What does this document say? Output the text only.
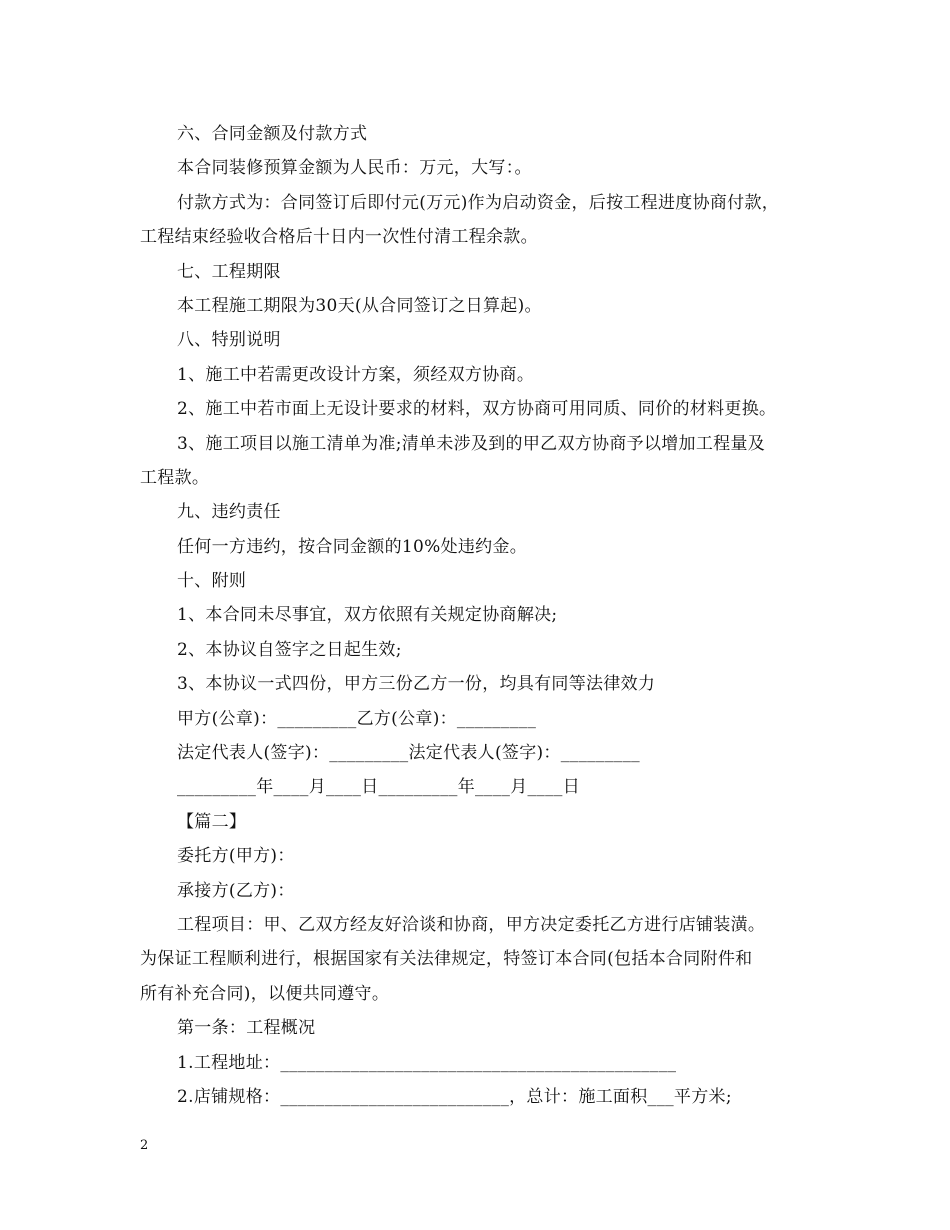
六、合同金额及付款方式
本合同装修预算金额为人民币：万元，大写：。
付款方式为：合同签订后即付元(万元)作为启动资金，后按工程进度协商付款，
工程结束经验收合格后十日内一次性付清工程余款。
七、工程期限
本工程施工期限为30天(从合同签订之日算起)。
八、特别说明
1、施工中若需更改设计方案，须经双方协商。
2、施工中若市面上无设计要求的材料，双方协商可用同质、同价的材料更换。
3、施工项目以施工清单为准;清单未涉及到的甲乙双方协商予以增加工程量及
工程款。
九、违约责任
任何一方违约，按合同金额的10%处违约金。
十、附则
1、本合同未尽事宜，双方依照有关规定协商解决;
2、本协议自签字之日起生效;
3、本协议一式四份，甲方三份乙方一份，均具有同等法律效力
甲方(公章)：_________乙方(公章)：_________
法定代表人(签字)：_________法定代表人(签字)：_________
_________年____月____日_________年____月____日
【篇二】
委托方(甲方)：
承接方(乙方)：
工程项目：甲、乙双方经友好洽谈和协商，甲方决定委托乙方进行店铺装潢。
为保证工程顺利进行，根据国家有关法律规定，特签订本合同(包括本合同附件和
所有补充合同)，以便共同遵守。
第一条：工程概况
1.工程地址：_____________________________________________
2.店铺规格：__________________________，总计：施工面积___平方米;
2
